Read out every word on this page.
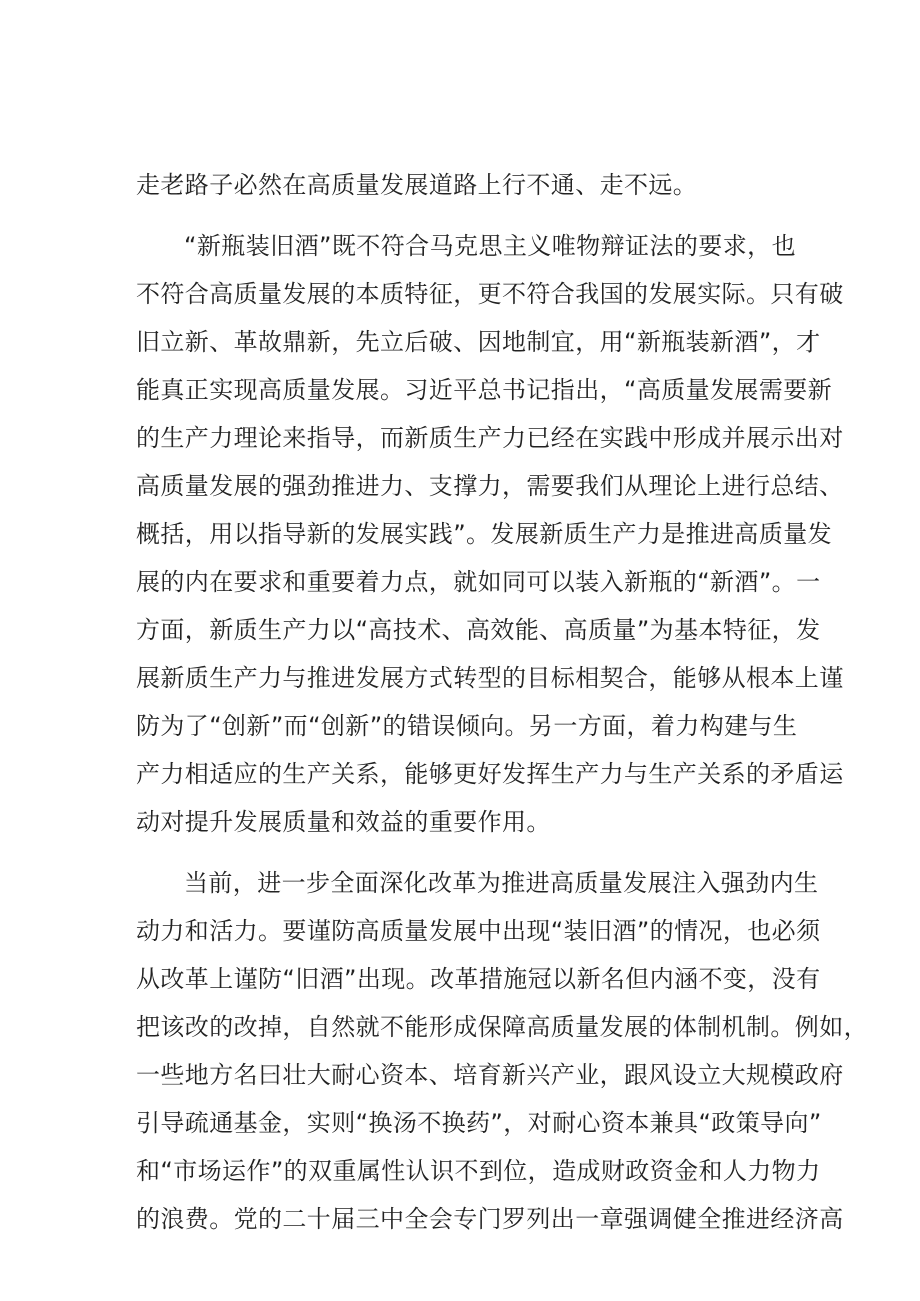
走老路子必然在高质量发展道路上行不通、走不远。

“新瓶装旧酒”既不符合马克思主义唯物辩证法的要求，也
不符合高质量发展的本质特征，更不符合我国的发展实际。只有破
旧立新、革故鼎新，先立后破、因地制宜，用“新瓶装新酒”，才
能真正实现高质量发展。习近平总书记指出，“高质量发展需要新
的生产力理论来指导，而新质生产力已经在实践中形成并展示出对
高质量发展的强劲推进力、支撑力，需要我们从理论上进行总结、
概括，用以指导新的发展实践”。发展新质生产力是推进高质量发
展的内在要求和重要着力点，就如同可以装入新瓶的“新酒”。一
方面，新质生产力以“高技术、高效能、高质量”为基本特征，发
展新质生产力与推进发展方式转型的目标相契合，能够从根本上谨
防为了“创新”而“创新”的错误倾向。另一方面，着力构建与生
产力相适应的生产关系，能够更好发挥生产力与生产关系的矛盾运
动对提升发展质量和效益的重要作用。

当前，进一步全面深化改革为推进高质量发展注入强劲内生
动力和活力。要谨防高质量发展中出现“装旧酒”的情况，也必须
从改革上谨防“旧酒”出现。改革措施冠以新名但内涵不变，没有
把该改的改掉，自然就不能形成保障高质量发展的体制机制。例如，
一些地方名曰壮大耐心资本、培育新兴产业，跟风设立大规模政府
引导疏通基金，实则“换汤不换药”，对耐心资本兼具“政策导向”
和“市场运作”的双重属性认识不到位，造成财政资金和人力物力
的浪费。党的二十届三中全会专门罗列出一章强调健全推进经济高
